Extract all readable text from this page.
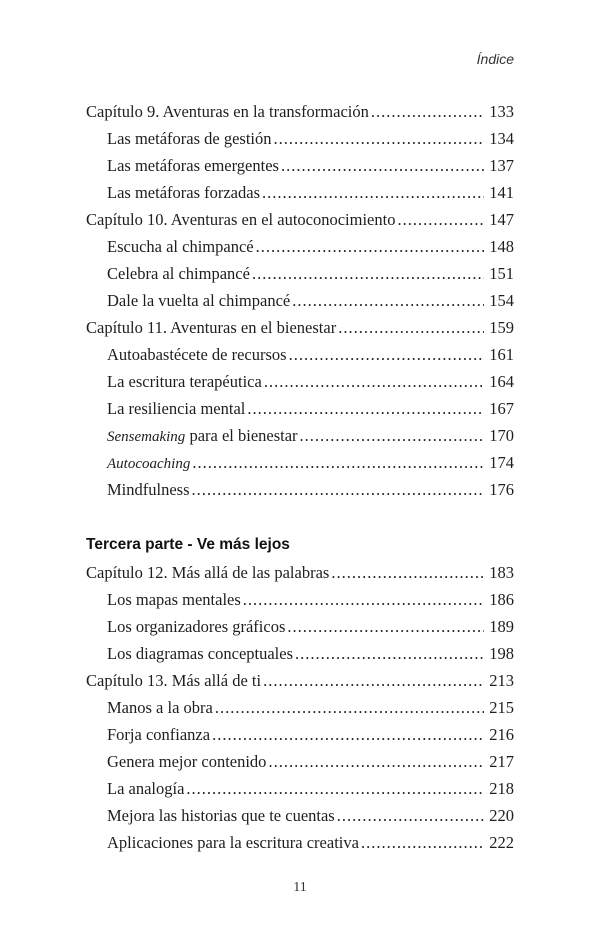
Índice
Capítulo 9. Aventuras en la transformación .....	133
Las metáforas de gestión .....	134
Las metáforas emergentes .....	137
Las metáforas forzadas .....	141
Capítulo 10. Aventuras en el autoconocimiento .....	147
Escucha al chimpancé .....	148
Celebra al chimpancé .....	151
Dale la vuelta al chimpancé .....	154
Capítulo 11. Aventuras en el bienestar .....	159
Autoabastécete de recursos .....	161
La escritura terapéutica .....	164
La resiliencia mental .....	167
Sensemaking para el bienestar .....	170
Autocoaching .....	174
Mindfulness .....	176
Tercera parte - Ve más lejos
Capítulo 12. Más allá de las palabras .....	183
Los mapas mentales .....	186
Los organizadores gráficos .....	189
Los diagramas conceptuales .....	198
Capítulo 13. Más allá de ti .....	213
Manos a la obra .....	215
Forja confianza .....	216
Genera mejor contenido .....	217
La analogía .....	218
Mejora las historias que te cuentas .....	220
Aplicaciones para la escritura creativa .....	222
11
